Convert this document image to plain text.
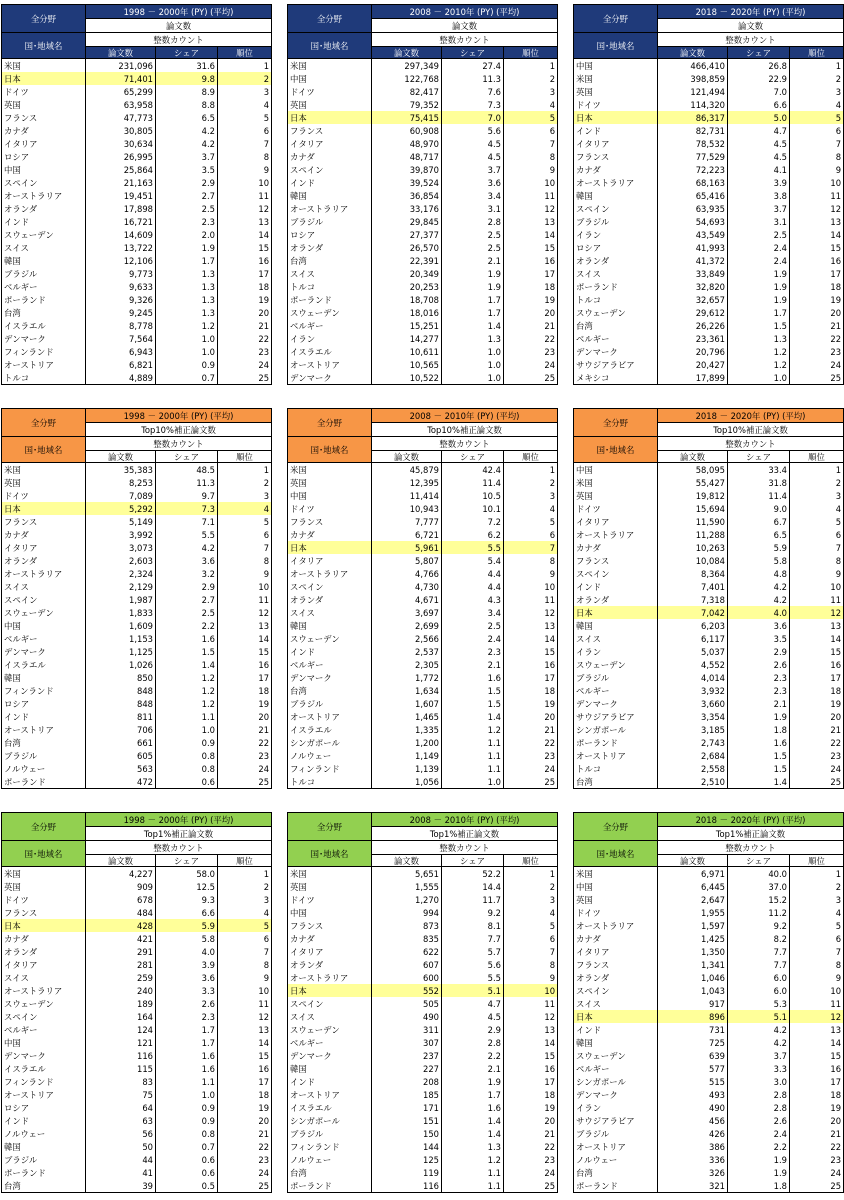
全分野	1998 － 2000年 (PY) (平均)		
	論文数		
国･地域名	整数カウント		
	論文数	シェア	順位
米国	231,096	31.6	1
日本	71,401	9.8	2
ドイツ	65,299	8.9	3
英国	63,958	8.8	4
フランス	47,773	6.5	5
カナダ	30,805	4.2	6
イタリア	30,634	4.2	7
ロシア	26,995	3.7	8
中国	25,864	3.5	9
スペイン	21,163	2.9	10
オーストラリア	19,451	2.7	11
オランダ	17,898	2.5	12
インド	16,721	2.3	13
スウェーデン	14,609	2.0	14
スイス	13,722	1.9	15
韓国	12,106	1.7	16
ブラジル	9,773	1.3	17
ベルギー	9,633	1.3	18
ポーランド	9,326	1.3	19
台湾	9,245	1.3	20
イスラエル	8,778	1.2	21
デンマーク	7,564	1.0	22
フィンランド	6,943	1.0	23
オーストリア	6,821	0.9	24
トルコ	4,889	0.7	25
全分野	2008 － 2010年 (PY) (平均)		
	論文数		
国･地域名	整数カウント		
	論文数	シェア	順位
米国	297,349	27.4	1
中国	122,768	11.3	2
ドイツ	82,417	7.6	3
英国	79,352	7.3	4
日本	75,415	7.0	5
フランス	60,908	5.6	6
イタリア	48,970	4.5	7
カナダ	48,717	4.5	8
スペイン	39,870	3.7	9
インド	39,524	3.6	10
韓国	36,854	3.4	11
オーストラリア	33,176	3.1	12
ブラジル	29,845	2.8	13
ロシア	27,377	2.5	14
オランダ	26,570	2.5	15
台湾	22,391	2.1	16
スイス	20,349	1.9	17
トルコ	20,253	1.9	18
ポーランド	18,708	1.7	19
スウェーデン	18,016	1.7	20
ベルギー	15,251	1.4	21
イラン	14,277	1.3	22
イスラエル	10,611	1.0	23
オーストリア	10,565	1.0	24
デンマーク	10,522	1.0	25
全分野	2018 － 2020年 (PY) (平均)		
	論文数		
国･地域名	整数カウント		
	論文数	シェア	順位
中国	466,410	26.8	1
米国	398,859	22.9	2
英国	121,494	7.0	3
ドイツ	114,320	6.6	4
日本	86,317	5.0	5
インド	82,731	4.7	6
イタリア	78,532	4.5	7
フランス	77,529	4.5	8
カナダ	72,223	4.1	9
オーストラリア	68,163	3.9	10
韓国	65,416	3.8	11
スペイン	63,935	3.7	12
ブラジル	54,693	3.1	13
イラン	43,549	2.5	14
ロシア	41,993	2.4	15
オランダ	41,372	2.4	16
スイス	33,849	1.9	17
ポーランド	32,820	1.9	18
トルコ	32,657	1.9	19
スウェーデン	29,612	1.7	20
台湾	26,226	1.5	21
ベルギー	23,361	1.3	22
デンマーク	20,796	1.2	23
サウジアラビア	20,427	1.2	24
メキシコ	17,899	1.0	25
全分野	1998 － 2000年 (PY) (平均)		
	Top10%補正論文数		
国･地域名	整数カウント		
	論文数	シェア	順位
米国	35,383	48.5	1
英国	8,253	11.3	2
ドイツ	7,089	9.7	3
日本	5,292	7.3	4
フランス	5,149	7.1	5
カナダ	3,992	5.5	6
イタリア	3,073	4.2	7
オランダ	2,603	3.6	8
オーストラリア	2,324	3.2	9
スイス	2,129	2.9	10
スペイン	1,987	2.7	11
スウェーデン	1,833	2.5	12
中国	1,609	2.2	13
ベルギー	1,153	1.6	14
デンマーク	1,125	1.5	15
イスラエル	1,026	1.4	16
韓国	850	1.2	17
フィンランド	848	1.2	18
ロシア	848	1.2	19
インド	811	1.1	20
オーストリア	706	1.0	21
台湾	661	0.9	22
ブラジル	605	0.8	23
ノルウェー	563	0.8	24
ポーランド	472	0.6	25
全分野	2008 － 2010年 (PY) (平均)		
	Top10%補正論文数		
国･地域名	整数カウント		
	論文数	シェア	順位
米国	45,879	42.4	1
英国	12,395	11.4	2
中国	11,414	10.5	3
ドイツ	10,943	10.1	4
フランス	7,777	7.2	5
カナダ	6,721	6.2	6
日本	5,961	5.5	7
イタリア	5,807	5.4	8
オーストラリア	4,766	4.4	9
スペイン	4,730	4.4	10
オランダ	4,671	4.3	11
スイス	3,697	3.4	12
韓国	2,699	2.5	13
スウェーデン	2,566	2.4	14
インド	2,537	2.3	15
ベルギー	2,305	2.1	16
デンマーク	1,772	1.6	17
台湾	1,634	1.5	18
ブラジル	1,607	1.5	19
オーストリア	1,465	1.4	20
イスラエル	1,335	1.2	21
シンガポール	1,200	1.1	22
ノルウェー	1,149	1.1	23
フィンランド	1,139	1.1	24
トルコ	1,056	1.0	25
全分野	2018 － 2020年 (PY) (平均)		
	Top10%補正論文数		
国･地域名	整数カウント		
	論文数	シェア	順位
中国	58,095	33.4	1
米国	55,427	31.8	2
英国	19,812	11.4	3
ドイツ	15,694	9.0	4
イタリア	11,590	6.7	5
オーストラリア	11,288	6.5	6
カナダ	10,263	5.9	7
フランス	10,084	5.8	8
スペイン	8,364	4.8	9
インド	7,401	4.2	10
オランダ	7,318	4.2	11
日本	7,042	4.0	12
韓国	6,203	3.6	13
スイス	6,117	3.5	14
イラン	5,037	2.9	15
スウェーデン	4,552	2.6	16
ブラジル	4,014	2.3	17
ベルギー	3,932	2.3	18
デンマーク	3,660	2.1	19
サウジアラビア	3,354	1.9	20
シンガポール	3,185	1.8	21
ポーランド	2,743	1.6	22
オーストリア	2,684	1.5	23
トルコ	2,558	1.5	24
台湾	2,510	1.4	25
全分野	1998 － 2000年 (PY) (平均)		
	Top1%補正論文数		
国･地域名	整数カウント		
	論文数	シェア	順位
米国	4,227	58.0	1
英国	909	12.5	2
ドイツ	678	9.3	3
フランス	484	6.6	4
日本	428	5.9	5
カナダ	421	5.8	6
オランダ	291	4.0	7
イタリア	281	3.9	8
スイス	259	3.6	9
オーストラリア	240	3.3	10
スウェーデン	189	2.6	11
スペイン	164	2.3	12
ベルギー	124	1.7	13
中国	121	1.7	14
デンマーク	116	1.6	15
イスラエル	115	1.6	16
フィンランド	83	1.1	17
オーストリア	75	1.0	18
ロシア	64	0.9	19
インド	63	0.9	20
ノルウェー	56	0.8	21
韓国	50	0.7	22
ブラジル	44	0.6	23
ポーランド	41	0.6	24
台湾	39	0.5	25
全分野	2008 － 2010年 (PY) (平均)		
	Top1%補正論文数		
国･地域名	整数カウント		
	論文数	シェア	順位
米国	5,651	52.2	1
英国	1,555	14.4	2
ドイツ	1,270	11.7	3
中国	994	9.2	4
フランス	873	8.1	5
カナダ	835	7.7	6
イタリア	622	5.7	7
オランダ	607	5.6	8
オーストラリア	600	5.5	9
日本	552	5.1	10
スペイン	505	4.7	11
スイス	490	4.5	12
スウェーデン	311	2.9	13
ベルギー	307	2.8	14
デンマーク	237	2.2	15
韓国	227	2.1	16
インド	208	1.9	17
オーストリア	185	1.7	18
イスラエル	171	1.6	19
シンガポール	151	1.4	20
ブラジル	150	1.4	21
フィンランド	144	1.3	22
ノルウェー	125	1.2	23
台湾	119	1.1	24
ポーランド	116	1.1	25
全分野	2018 － 2020年 (PY) (平均)		
	Top1%補正論文数		
国･地域名	整数カウント		
	論文数	シェア	順位
米国	6,971	40.0	1
中国	6,445	37.0	2
英国	2,647	15.2	3
ドイツ	1,955	11.2	4
オーストラリア	1,597	9.2	5
カナダ	1,425	8.2	6
イタリア	1,350	7.7	7
フランス	1,341	7.7	8
オランダ	1,046	6.0	9
スペイン	1,043	6.0	10
スイス	917	5.3	11
日本	896	5.1	12
インド	731	4.2	13
韓国	725	4.2	14
スウェーデン	639	3.7	15
ベルギー	577	3.3	16
シンガポール	515	3.0	17
デンマーク	493	2.8	18
イラン	490	2.8	19
サウジアラビア	456	2.6	20
ブラジル	426	2.4	21
オーストリア	386	2.2	22
ノルウェー	336	1.9	23
台湾	326	1.9	24
ポーランド	321	1.8	25
